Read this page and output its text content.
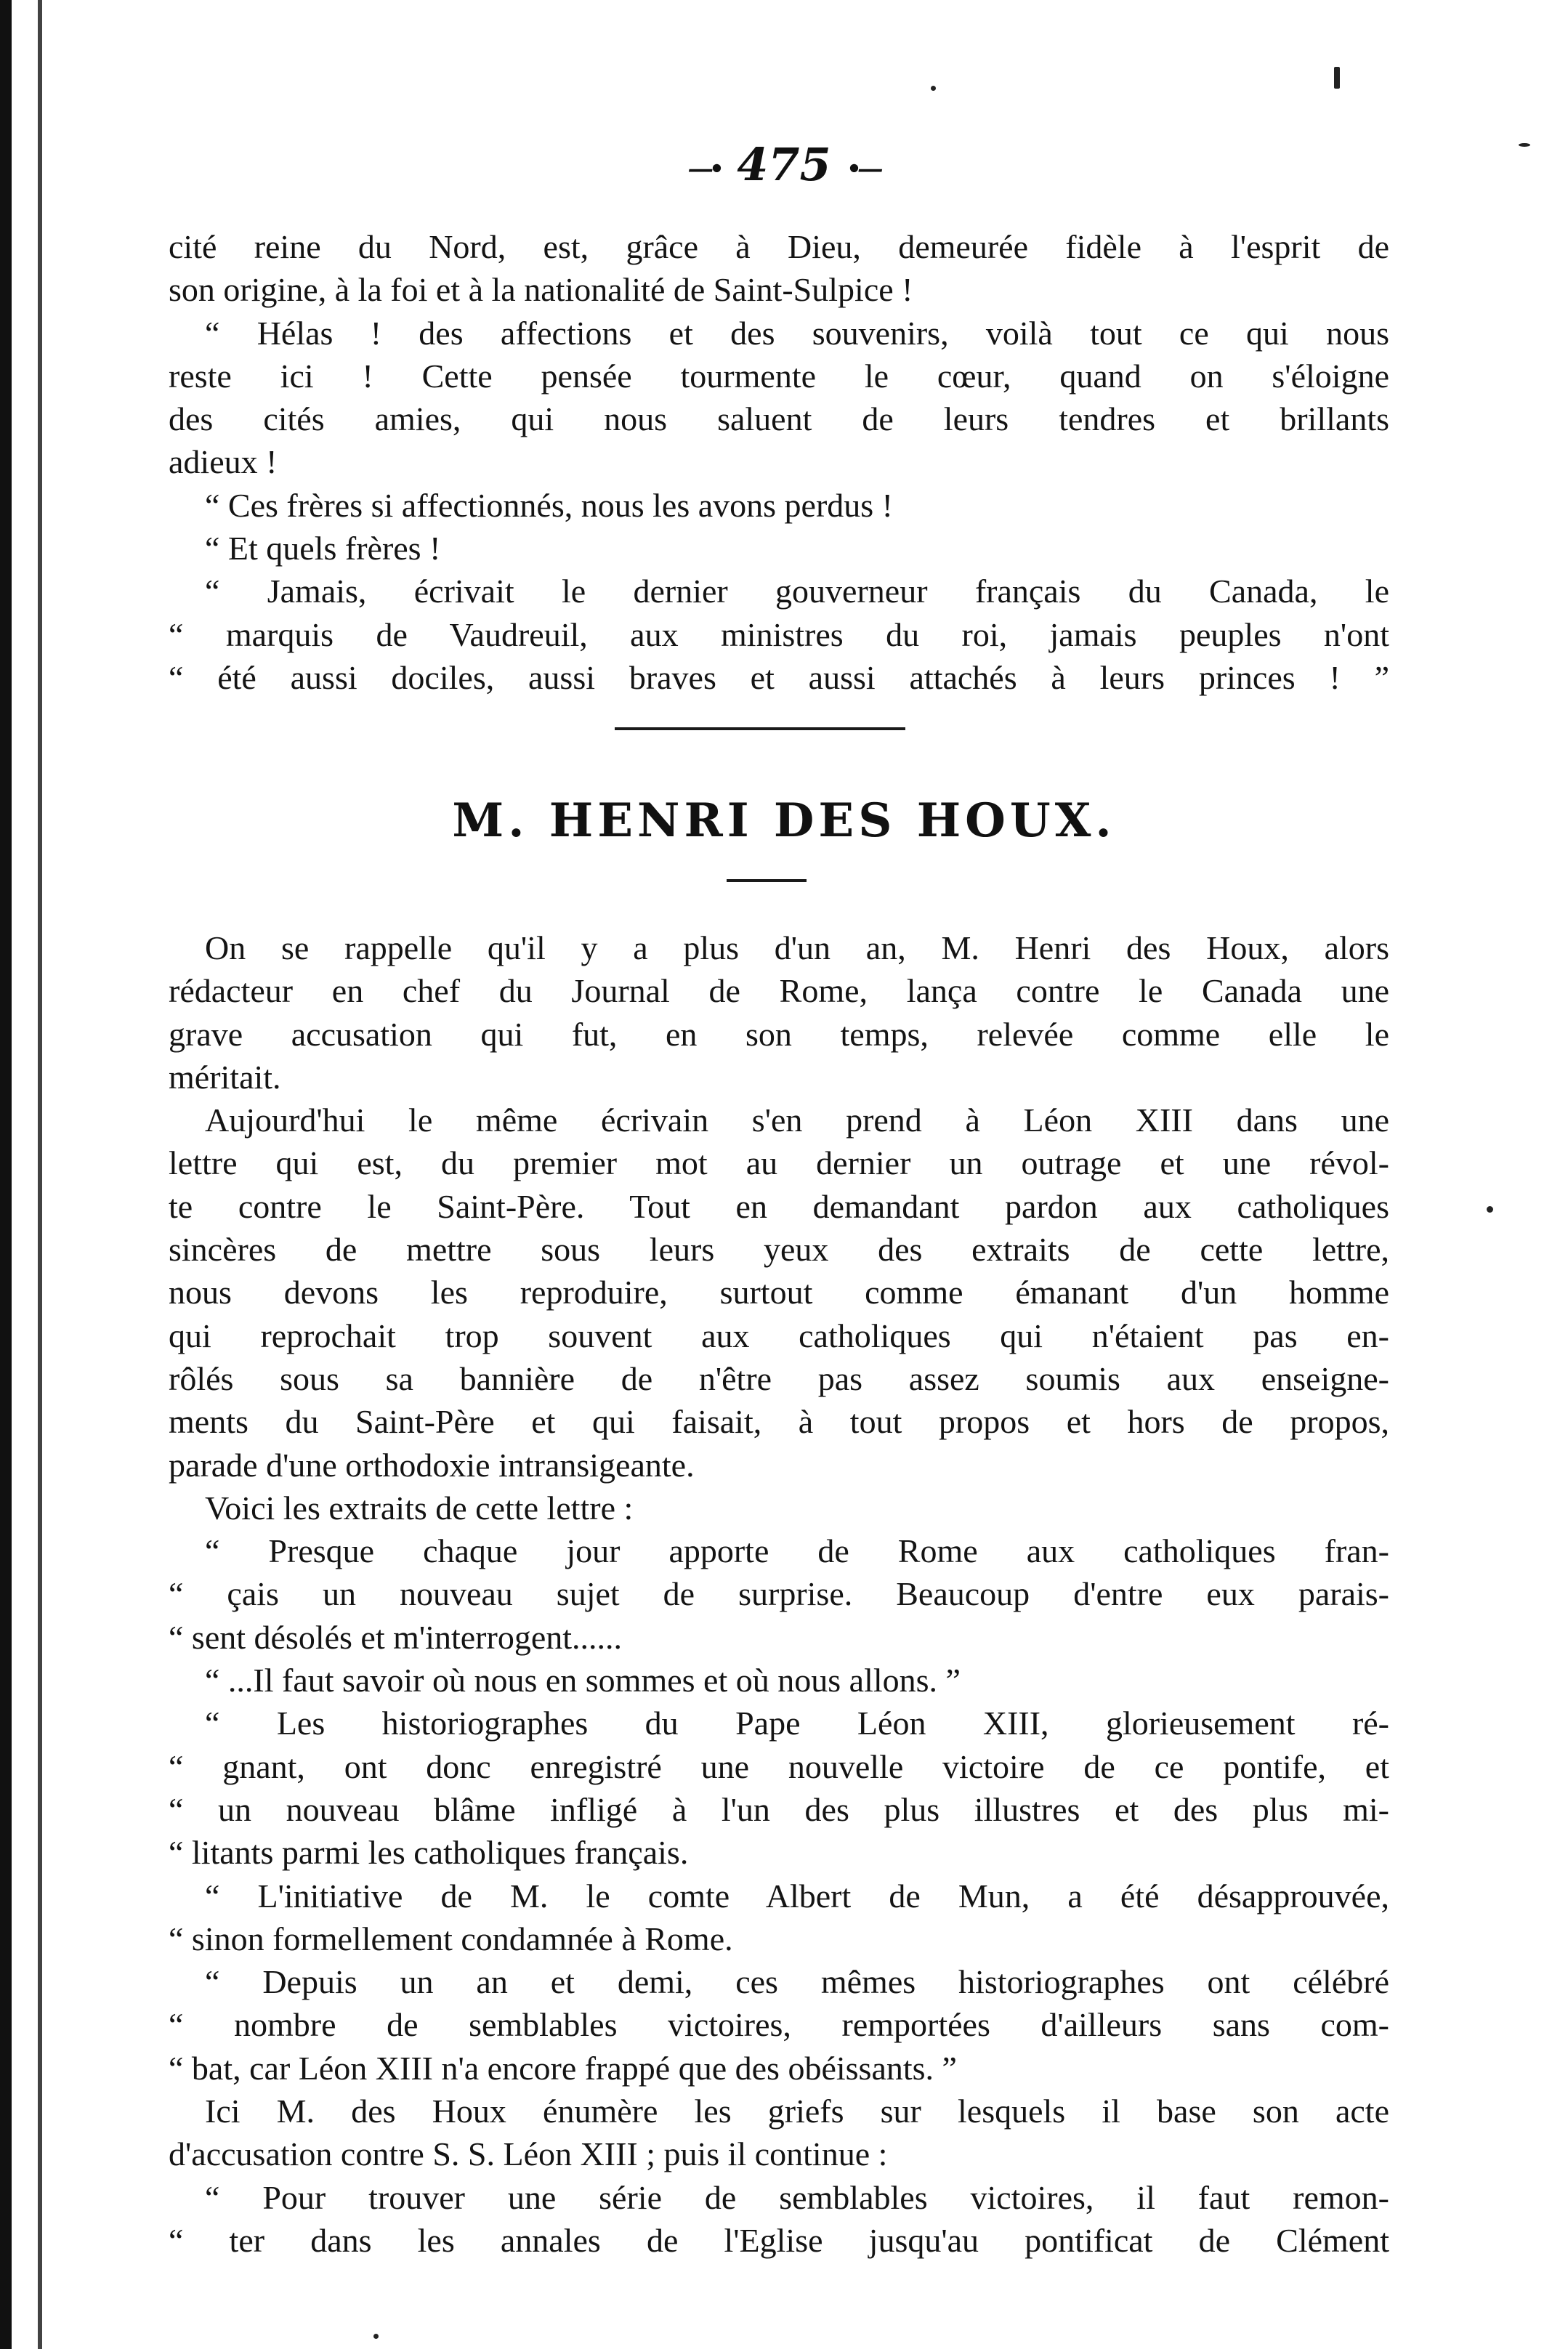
―• 475 •―
cité reine du Nord, est, grâce à Dieu, demeurée fidèle à l'esprit de
son origine, à la foi et à la nationalité de Saint-Sulpice !
“ Hélas ! des affections et des souvenirs, voilà tout ce qui nous
reste ici ! Cette pensée tourmente le cœur, quand on s'éloigne
des cités amies, qui nous saluent de leurs tendres et brillants
adieux !
“ Ces frères si affectionnés, nous les avons perdus !
“ Et quels frères !
“ Jamais, écrivait le dernier gouverneur français du Canada, le
“ marquis de Vaudreuil, aux ministres du roi, jamais peuples n'ont
“ été aussi dociles, aussi braves et aussi attachés à leurs princes ! ”
M. HENRI DES HOUX.
On se rappelle qu'il y a plus d'un an, M. Henri des Houx, alors
rédacteur en chef du Journal de Rome, lança contre le Canada une
grave accusation qui fut, en son temps, relevée comme elle le
méritait.
Aujourd'hui le même écrivain s'en prend à Léon XIII dans une
lettre qui est, du premier mot au dernier un outrage et une révol-
te contre le Saint-Père. Tout en demandant pardon aux catholiques
sincères de mettre sous leurs yeux des extraits de cette lettre,
nous devons les reproduire, surtout comme émanant d'un homme
qui reprochait trop souvent aux catholiques qui n'étaient pas en-
rôlés sous sa bannière de n'être pas assez soumis aux enseigne-
ments du Saint-Père et qui faisait, à tout propos et hors de propos,
parade d'une orthodoxie intransigeante.
Voici les extraits de cette lettre :
“ Presque chaque jour apporte de Rome aux catholiques fran-
“ çais un nouveau sujet de surprise. Beaucoup d'entre eux parais-
“ sent désolés et m'interrogent......
“ ...Il faut savoir où nous en sommes et où nous allons. ”
“ Les historiographes du Pape Léon XIII, glorieusement ré-
“ gnant, ont donc enregistré une nouvelle victoire de ce pontife, et
“ un nouveau blâme infligé à l'un des plus illustres et des plus mi-
“ litants parmi les catholiques français.
“ L'initiative de M. le comte Albert de Mun, a été désapprouvée,
“ sinon formellement condamnée à Rome.
“ Depuis un an et demi, ces mêmes historiographes ont célébré
“ nombre de semblables victoires, remportées d'ailleurs sans com-
“ bat, car Léon XIII n'a encore frappé que des obéissants. ”
Ici M. des Houx énumère les griefs sur lesquels il base son acte
d'accusation contre S. S. Léon XIII ; puis il continue :
“ Pour trouver une série de semblables victoires, il faut remon-
“ ter dans les annales de l'Eglise jusqu'au pontificat de Clément
